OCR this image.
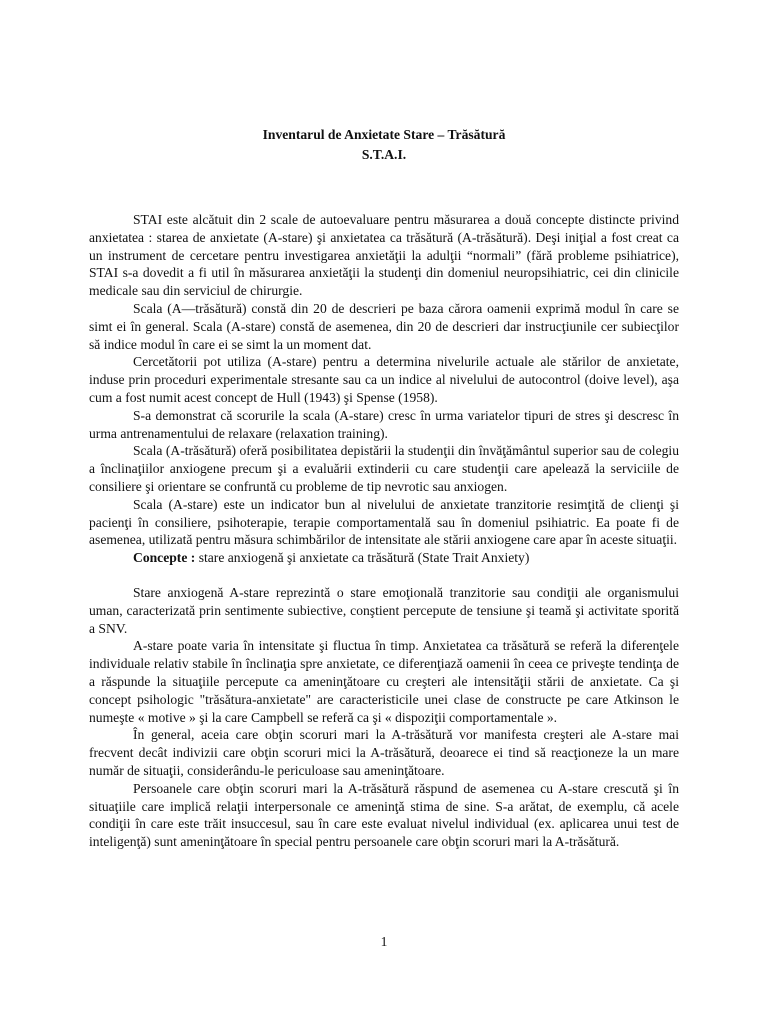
Inventarul de Anxietate Stare – Trăsătură
S.T.A.I.

STAI este alcătuit din 2 scale de autoevaluare pentru măsurarea a două concepte distincte privind anxietatea : starea de anxietate (A-stare) şi anxietatea ca trăsătură (A-trăsătură). Deşi iniţial a fost creat ca un instrument de cercetare pentru investigarea anxietăţii la adulţii “normali” (fără probleme psihiatrice), STAI s-a dovedit a fi util în măsurarea anxietăţii la studenţi din domeniul neuropsihiatric, cei din clinicile medicale sau din serviciul de chirurgie.

Scala (A—trăsătură) constă din 20 de descrieri pe baza cărora oamenii exprimă modul în care se simt ei în general. Scala (A-stare) constă de asemenea, din 20 de descrieri dar instrucţiunile cer subiecţilor să indice modul în care ei se simt la un moment dat.

Cercetătorii pot utiliza (A-stare) pentru a determina nivelurile actuale ale stărilor de anxietate, induse prin proceduri experimentale stresante sau ca un indice al nivelului de autocontrol (doive level), aşa cum a fost numit acest concept de Hull (1943) şi Spense (1958).

S-a demonstrat că scorurile la scala (A-stare) cresc în urma variatelor tipuri de stres şi descresc în urma antrenamentului de relaxare (relaxation training).

Scala (A-trăsătură) oferă posibilitatea depistării la studenţii din învăţământul superior sau de colegiu a înclinaţiilor anxiogene precum şi a evaluării extinderii cu care studenţii care apelează la serviciile de consiliere şi orientare se confruntă cu probleme de tip nevrotic sau anxiogen.

Scala (A-stare) este un indicator bun al nivelului de anxietate tranzitorie resimţită de clienţi şi pacienţi în consiliere, psihoterapie, terapie comportamentală sau în domeniul psihiatric. Ea poate fi de asemenea, utilizată pentru măsura schimbărilor de intensitate ale stării anxiogene care apar în aceste situaţii.

Concepte : stare anxiogenă şi anxietate ca trăsătură (State Trait Anxiety)

Stare anxiogenă A-stare reprezintă o stare emoţională tranzitorie sau condiţii ale organismului uman, caracterizată prin sentimente subiective, conştient percepute de tensiune şi teamă şi activitate sporită a SNV.

A-stare poate varia în intensitate şi fluctua în timp. Anxietatea ca trăsătură se referă la diferenţele individuale relativ stabile în înclinaţia spre anxietate, ce diferenţiază oamenii în ceea ce priveşte tendinţa de a răspunde la situaţiile percepute ca ameninţătoare cu creşteri ale intensităţii stării de anxietate. Ca şi concept psihologic "trăsătura-anxietate" are caracteristicile unei clase de constructe pe care Atkinson le numeşte « motive » şi la care Campbell se referă ca şi « dispoziţii comportamentale ».

În general, aceia care obţin scoruri mari la A-trăsătură vor manifesta creşteri ale A-stare mai frecvent decât indivizii care obţin scoruri mici la A-trăsătură, deoarece ei tind să reacţioneze la un mare număr de situaţii, considerându-le periculoase sau ameninţătoare.

Persoanele care obţin scoruri mari la A-trăsătură răspund de asemenea cu A-stare crescută şi în situaţiile care implică relaţii interpersonale ce ameninţă stima de sine. S-a arătat, de exemplu, că acele condiţii în care este trăit insuccesul, sau în care este evaluat nivelul individual (ex. aplicarea unui test de inteligenţă) sunt ameninţătoare în special pentru persoanele care obţin scoruri mari la A-trăsătură.

1
